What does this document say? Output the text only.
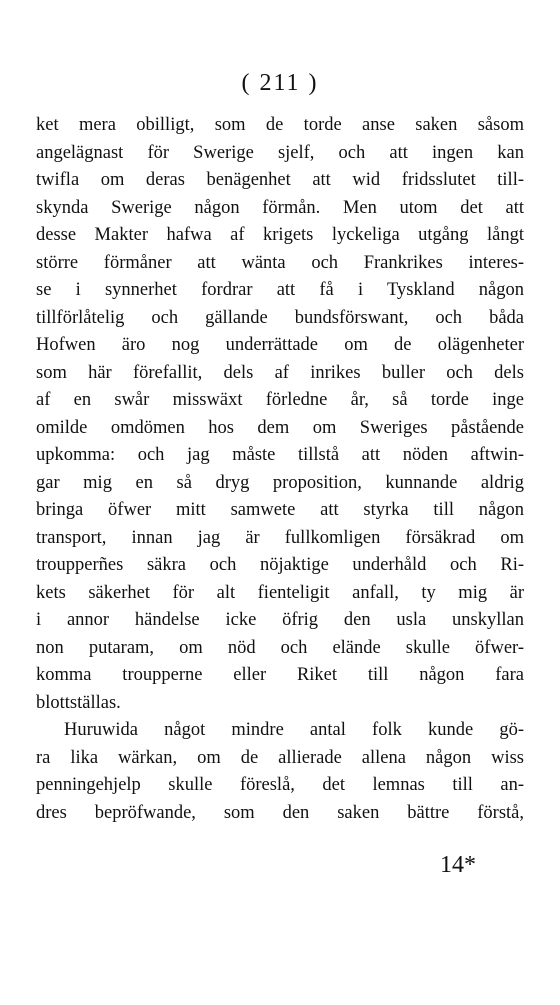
( 211 )
ket mera obilligt, som de torde anse saken såsom
angelägnast för Swerige sjelf, och att ingen kan
twifla om deras benägenhet att wid fridsslutet till-
skynda Swerige någon förmån. Men utom det att
desse Makter hafwa af krigets lyckeliga utgång långt
större förmåner att wänta och Frankrikes interes-
se i synnerhet fordrar att få i Tyskland någon
tillförlåtelig och gällande bundsförswant, och båda
Hofwen äro nog underrättade om de olägenheter
som här förefallit, dels af inrikes buller och dels
af en swår misswäxt förledne år, så torde inge
omilde omdömen hos dem om Sweriges påstående
upkomma: och jag måste tillstå att nöden aftwin-
gar mig en så dryg proposition, kunnande aldrig
bringa öfwer mitt samwete att styrka till någon
transport, innan jag är fullkomligen försäkrad om
troupperñes säkra och nöjaktige underhåld och Ri-
kets säkerhet för alt fienteligit anfall, ty mig är
i annor händelse icke öfrig den usla unskyllan
non putaram, om nöd och elände skulle öfwer-
komma troupperne eller Riket till någon fara
blottställas.
Huruwida något mindre antal folk kunde gö-
ra lika wärkan, om de allierade allena någon wiss
penningehjelp skulle föreslå, det lemnas till an-
dres bepröfwande, som den saken bättre förstå,
14*
